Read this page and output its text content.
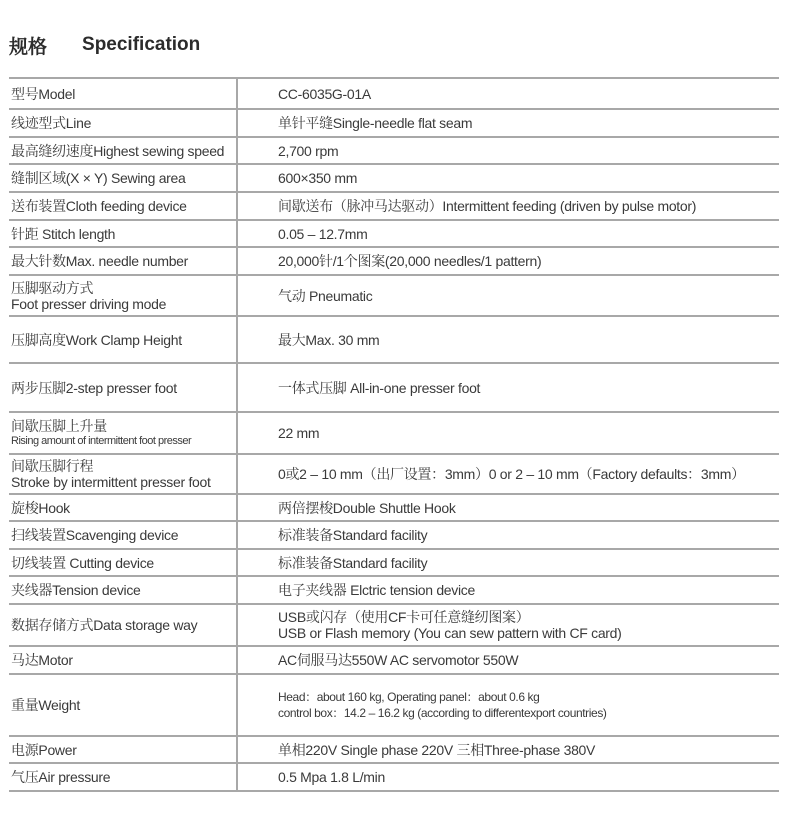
规格 Specification
型号Model	CC-6035G-01A
线迹型式Line	单针平缝Single-needle flat seam
最高缝纫速度Highest sewing speed	2,700 rpm
缝制区域(X × Y) Sewing area	600×350 mm
送布装置Cloth feeding device	间歇送布（脉冲马达驱动）Intermittent feeding (driven by pulse motor)
针距 Stitch length	0.05 – 12.7mm
最大针数Max. needle number	20,000针/1个图案(20,000 needles/1 pattern)
压脚驱动方式
Foot presser driving mode	气动 Pneumatic
压脚高度Work Clamp Height	最大Max. 30 mm
两步压脚2-step presser foot	一体式压脚 All-in-one presser foot
间歇压脚上升量
Rising amount of intermittent foot presser	22 mm
间歇压脚行程
Stroke by intermittent presser foot	0或2 – 10 mm（出厂设置：3mm）0 or 2 – 10 mm（Factory defaults：3mm）
旋梭Hook	两倍摆梭Double Shuttle Hook
扫线装置Scavenging device	标准装备Standard facility
切线装置 Cutting device	标准装备Standard facility
夹线器Tension device	电子夹线器 Elctric tension device
数据存储方式Data storage way	USB或闪存（使用CF卡可任意缝纫图案）
USB or Flash memory (You can sew pattern with CF card)
马达Motor	AC伺服马达550W AC servomotor 550W
重量Weight	Head：about 160 kg, Operating panel：about 0.6 kg
control box：14.2 – 16.2 kg (according to differentexport countries)
电源Power	单相220V Single phase 220V 三相Three-phase 380V
气压Air pressure	0.5 Mpa 1.8 L/min
